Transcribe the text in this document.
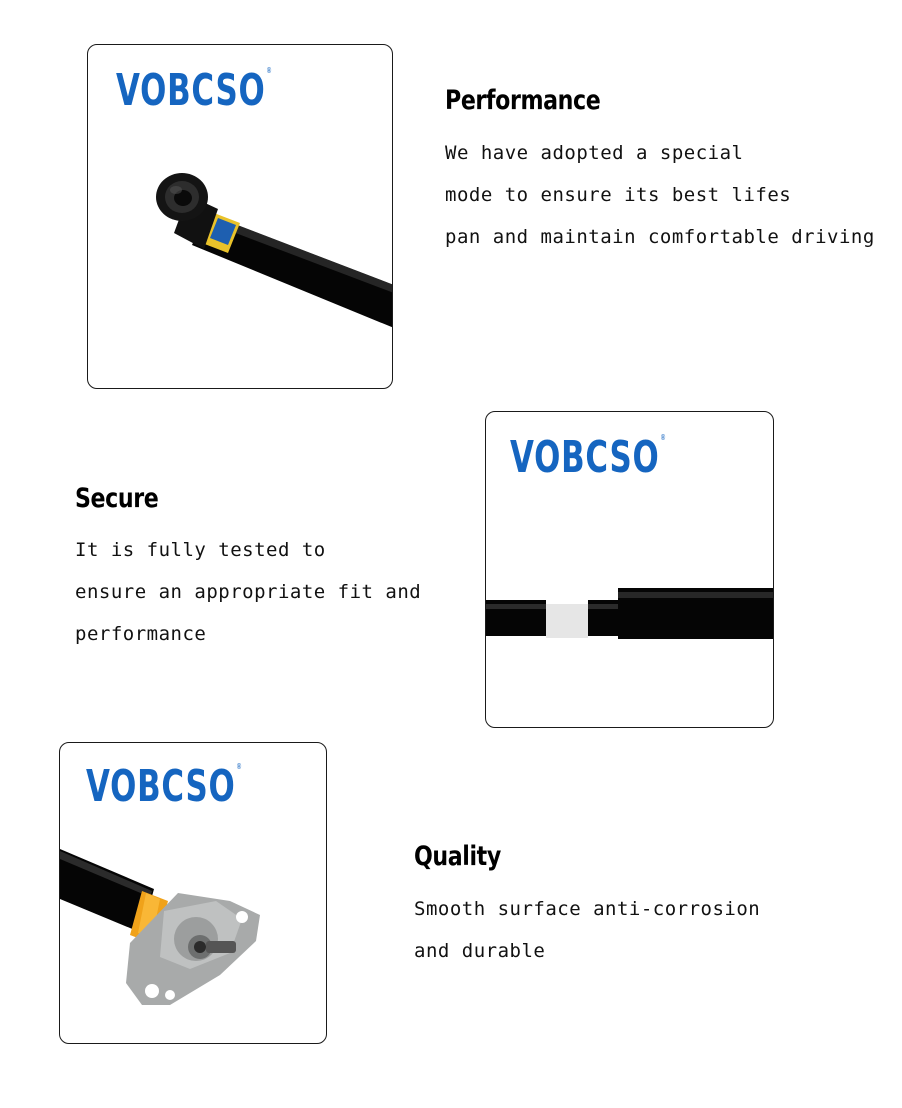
VOBCSO®
Performance
We have adopted a special
mode to ensure its best lifes
pan and maintain comfortable driving
Secure
It is fully tested to
ensure an appropriate fit and
performance
VOBCSO®
VOBCSO®
Quality
Smooth surface anti-corrosion
and durable
